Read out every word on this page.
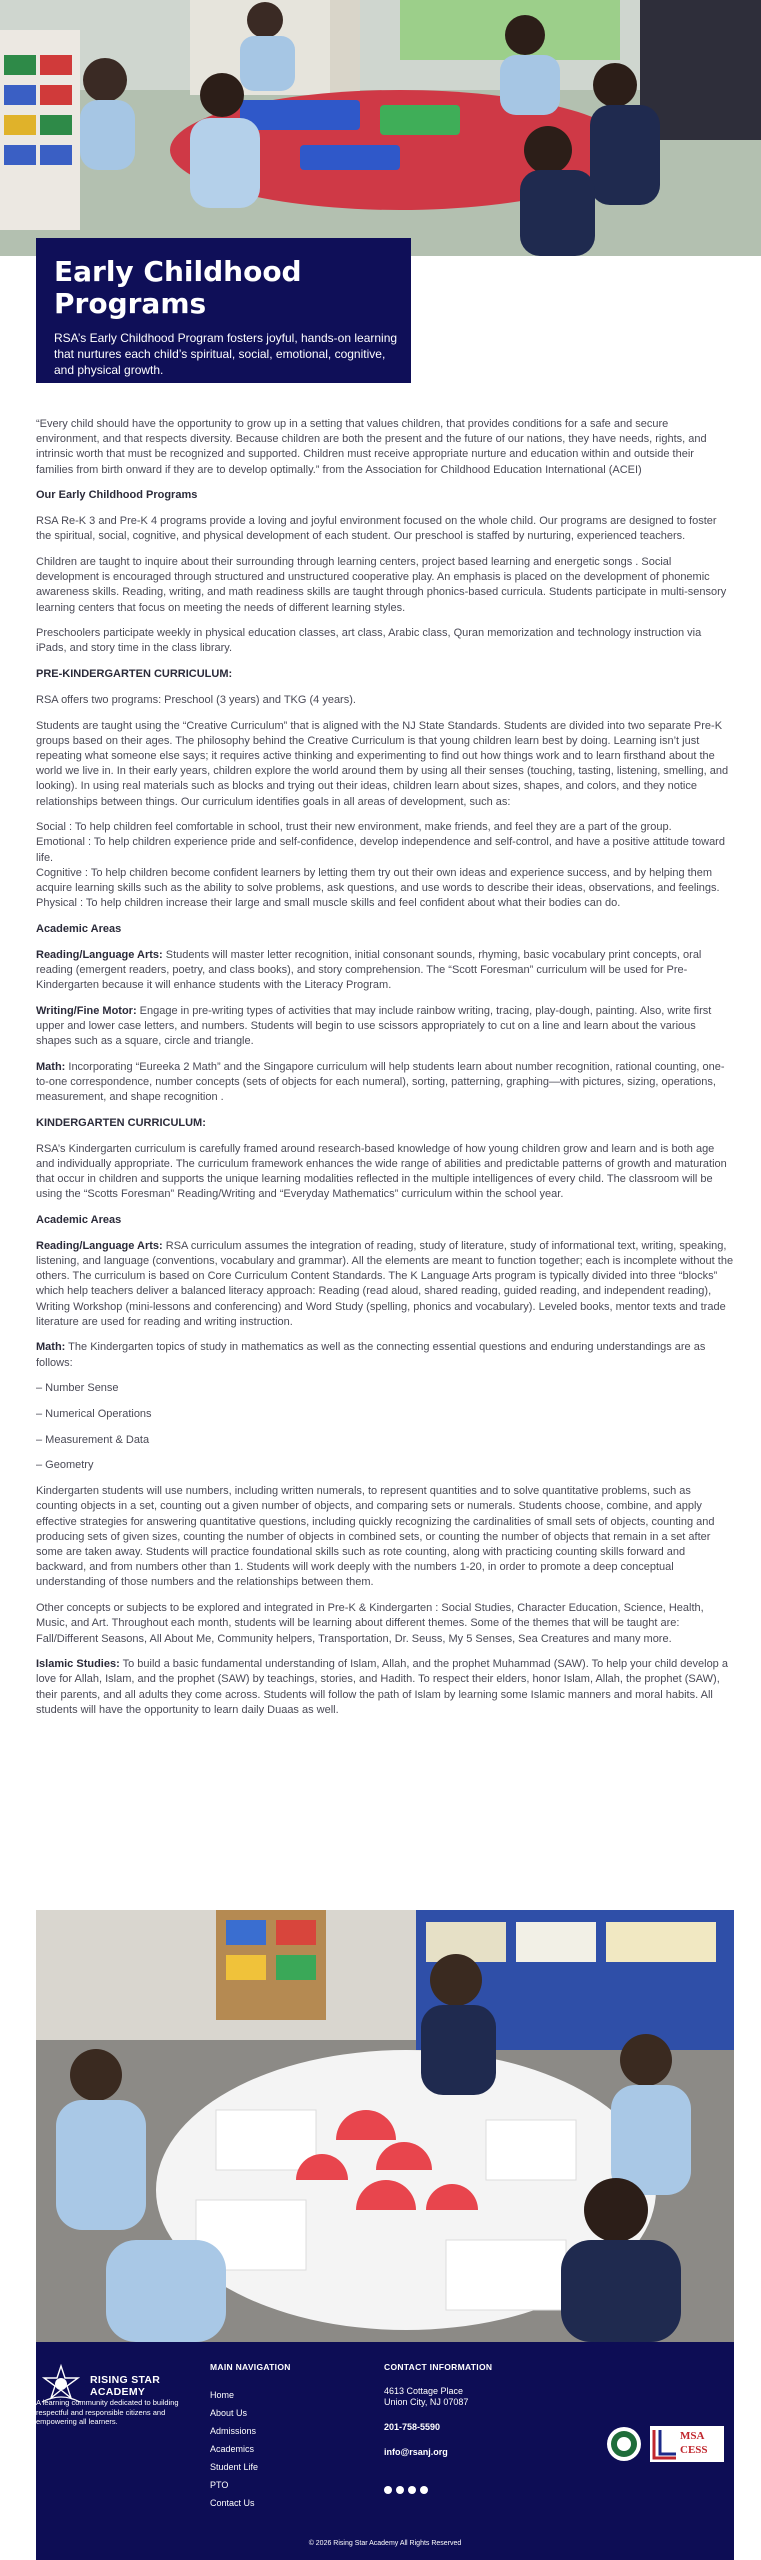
Early Childhood Programs

RSA’s Early Childhood Program fosters joyful, hands-on learning that nurtures each child’s spiritual, social, emotional, cognitive, and physical growth.

“Every child should have the opportunity to grow up in a setting that values children, that provides conditions for a safe and secure environment, and that respects diversity. Because children are both the present and the future of our nations, they have needs, rights, and intrinsic worth that must be recognized and supported. Children must receive appropriate nurture and education within and outside their families from birth onward if they are to develop optimally.” from the Association for Childhood Education International (ACEI)

Our Early Childhood Programs

RSA Re-K 3 and Pre-K 4 programs provide a loving and joyful environment focused on the whole child. Our programs are designed to foster the spiritual, social, cognitive, and physical development of each student. Our preschool is staffed by nurturing, experienced teachers.

Children are taught to inquire about their surrounding through learning centers, project based learning and energetic songs . Social development is encouraged through structured and unstructured cooperative play. An emphasis is placed on the development of phonemic awareness skills. Reading, writing, and math readiness skills are taught through phonics-based curricula. Students participate in multi-sensory learning centers that focus on meeting the needs of different learning styles.

Preschoolers participate weekly in physical education classes, art class, Arabic class, Quran memorization and technology instruction via iPads, and story time in the class library.

PRE-KINDERGARTEN CURRICULUM:

RSA offers two programs: Preschool (3 years) and TKG (4 years).

Students are taught using the “Creative Curriculum” that is aligned with the NJ State Standards. Students are divided into two separate Pre-K groups based on their ages. The philosophy behind the Creative Curriculum is that young children learn best by doing. Learning isn’t just repeating what someone else says; it requires active thinking and experimenting to find out how things work and to learn firsthand about the world we live in. In their early years, children explore the world around them by using all their senses (touching, tasting, listening, smelling, and looking). In using real materials such as blocks and trying out their ideas, children learn about sizes, shapes, and colors, and they notice relationships between things. Our curriculum identifies goals in all areas of development, such as:

Social : To help children feel comfortable in school, trust their new environment, make friends, and feel they are a part of the group.

Emotional : To help children experience pride and self-confidence, develop independence and self-control, and have a positive attitude toward life.

Cognitive : To help children become confident learners by letting them try out their own ideas and experience success, and by helping them acquire learning skills such as the ability to solve problems, ask questions, and use words to describe their ideas, observations, and feelings.

Physical : To help children increase their large and small muscle skills and feel confident about what their bodies can do.

Academic Areas

Reading/Language Arts: Students will master letter recognition, initial consonant sounds, rhyming, basic vocabulary print concepts, oral reading (emergent readers, poetry, and class books), and story comprehension. The “Scott Foresman” curriculum will be used for Pre-Kindergarten because it will enhance students with the Literacy Program.

Writing/Fine Motor: Engage in pre-writing types of activities that may include rainbow writing, tracing, play-dough, painting. Also, write first upper and lower case letters, and numbers. Students will begin to use scissors appropriately to cut on a line and learn about the various shapes such as a square, circle and triangle.

Math: Incorporating “Eureeka 2 Math” and the Singapore curriculum will help students learn about number recognition, rational counting, one-to-one correspondence, number concepts (sets of objects for each numeral), sorting, patterning, graphing—with pictures, sizing, operations, measurement, and shape recognition .

KINDERGARTEN CURRICULUM:

RSA’s Kindergarten curriculum is carefully framed around research-based knowledge of how young children grow and learn and is both age and individually appropriate. The curriculum framework enhances the wide range of abilities and predictable patterns of growth and maturation that occur in children and supports the unique learning modalities reflected in the multiple intelligences of every child. The classroom will be using the “Scotts Foresman” Reading/Writing and “Everyday Mathematics” curriculum within the school year.

Academic Areas

Reading/Language Arts: RSA curriculum assumes the integration of reading, study of literature, study of informational text, writing, speaking, listening, and language (conventions, vocabulary and grammar). All the elements are meant to function together; each is incomplete without the others. The curriculum is based on Core Curriculum Content Standards. The K Language Arts program is typically divided into three “blocks” which help teachers deliver a balanced literacy approach: Reading (read aloud, shared reading, guided reading, and independent reading), Writing Workshop (mini-lessons and conferencing) and Word Study (spelling, phonics and vocabulary). Leveled books, mentor texts and trade literature are used for reading and writing instruction.

Math: The Kindergarten topics of study in mathematics as well as the connecting essential questions and enduring understandings are as follows:

– Number Sense

– Numerical Operations

– Measurement & Data

– Geometry

Kindergarten students will use numbers, including written numerals, to represent quantities and to solve quantitative problems, such as counting objects in a set, counting out a given number of objects, and comparing sets or numerals. Students choose, combine, and apply effective strategies for answering quantitative questions, including quickly recognizing the cardinalities of small sets of objects, counting and producing sets of given sizes, counting the number of objects in combined sets, or counting the number of objects that remain in a set after some are taken away. Students will practice foundational skills such as rote counting, along with practicing counting skills forward and backward, and from numbers other than 1. Students will work deeply with the numbers 1-20, in order to promote a deep conceptual understanding of those numbers and the relationships between them.

Other concepts or subjects to be explored and integrated in Pre-K & Kindergarten : Social Studies, Character Education, Science, Health, Music, and Art. Throughout each month, students will be learning about different themes. Some of the themes that will be taught are: Fall/Different Seasons, All About Me, Community helpers, Transportation, Dr. Seuss, My 5 Senses, Sea Creatures and many more.

Islamic Studies: To build a basic fundamental understanding of Islam, Allah, and the prophet Muhammad (SAW). To help your child develop a love for Allah, Islam, and the prophet (SAW) by teachings, stories, and Hadith. To respect their elders, honor Islam, Allah, the prophet (SAW), their parents, and all adults they come across. Students will follow the path of Islam by learning some Islamic manners and moral habits. All students will have the opportunity to learn daily Duaas as well.

RISING STAR ACADEMY

A learning community dedicated to building respectful and responsible citizens and empowering all learners.

MAIN NAVIGATION
Home
About Us
Admissions
Academics
Student Life
PTO
Contact Us
CONTACT INFORMATION
4613 Cottage Place
Union City, NJ 07087
201-758-5590
info@rsanj.org
MSA CESS

© 2026 Rising Star Academy All Rights Reserved
